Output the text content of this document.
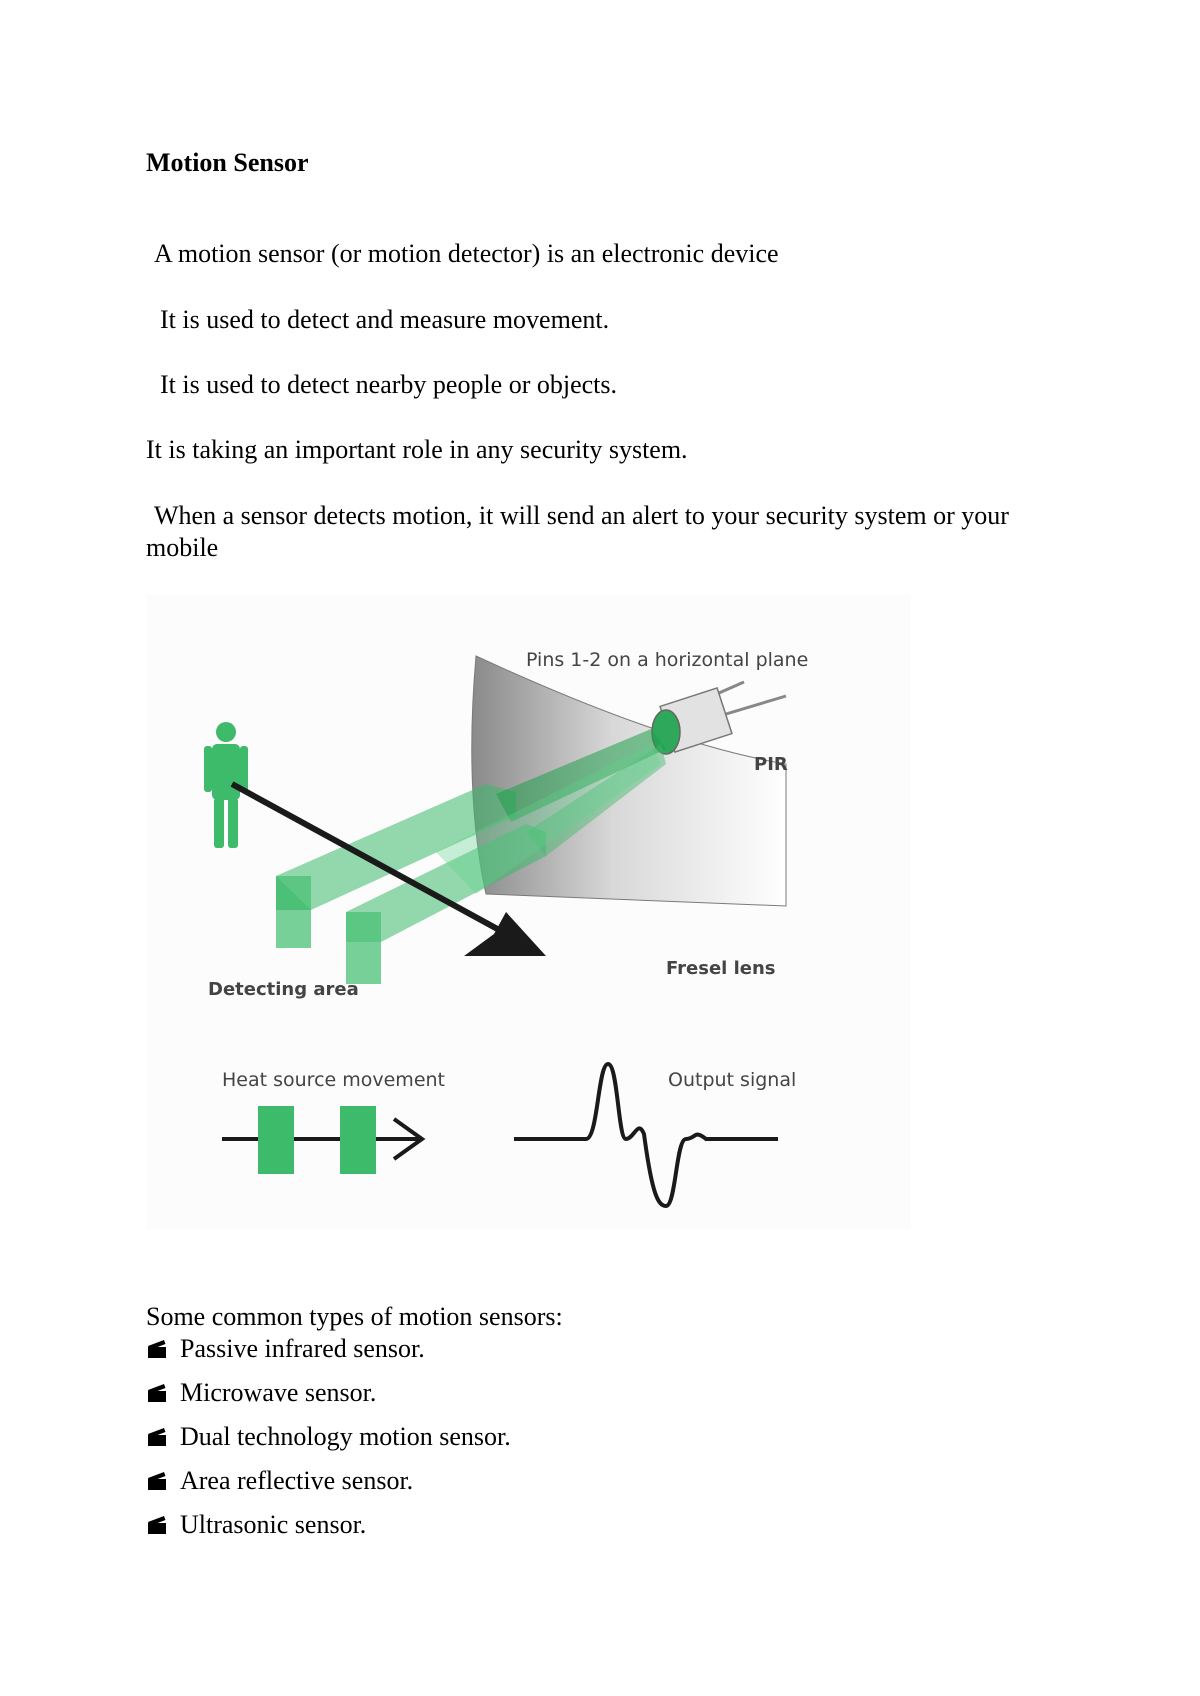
Motion Sensor
A motion sensor (or motion detector) is an electronic device
It is used to detect and measure movement.
It is used to detect nearby people or objects.
It is taking an important role in any security system.
When a sensor detects motion, it will send an alert to your security system or your mobile
Pins 1-2 on a horizontal plane
PIR
Detecting area
Fresel lens
Heat source movement	Output signal
Some common types of motion sensors:
Passive infrared sensor.
Microwave sensor.
Dual technology motion sensor.
Area reflective sensor.
Ultrasonic sensor.
